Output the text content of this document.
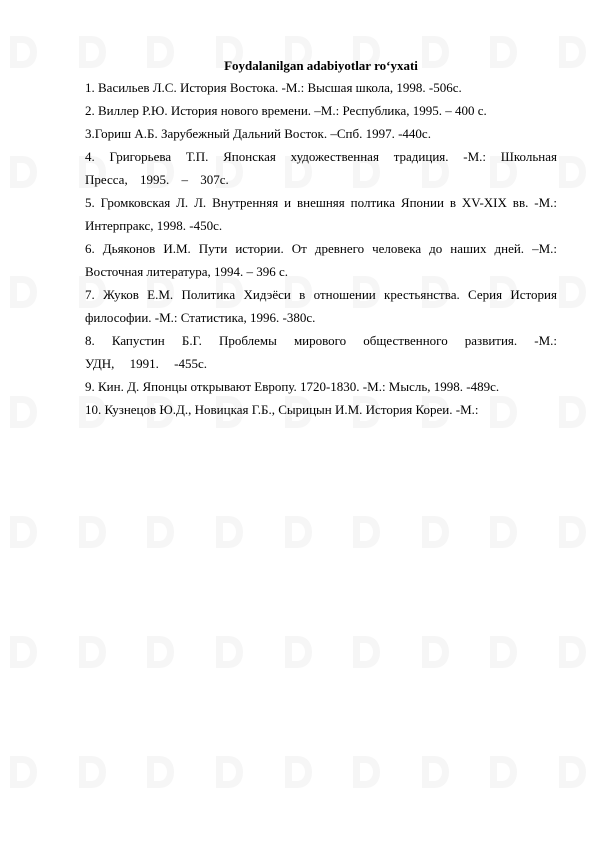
Foydalanilgan adabiyotlar ro‘yxati

1. Васильев Л.С. История Востока. -М.: Высшая школа, 1998. -506с.

2. Виллер Р.Ю. История нового времени. –М.: Республика, 1995. – 400 с.

3.Гориш А.Б. Зарубежный Дальний Восток. –Спб. 1997. -440с.

4. Григорьева Т.П. Японская художественная традиция. -М.: Школьная Пресса, 1995. – 307с.

5. Громковская Л. Л. Внутренняя и внешняя полтика Японии в XV-XIX вв. -М.: Интерпракс, 1998. -450с.

6. Дьяконов И.М. Пути истории. От древнего человека до наших дней. –М.: Восточная литература, 1994. – 396 с.

7. Жуков Е.М. Политика Хидэёси в отношении крестьянства. Серия История философии. -М.: Статистика, 1996. -380с.

8. Капустин Б.Г. Проблемы мирового общественного развития. -М.: УДН, 1991. -455с.

9. Кин. Д. Японцы открывают Европу. 1720-1830. -М.: Мысль, 1998. -489с.

10. Кузнецов Ю.Д., Новицкая Г.Б., Сырицын И.М. История Кореи. -М.:
